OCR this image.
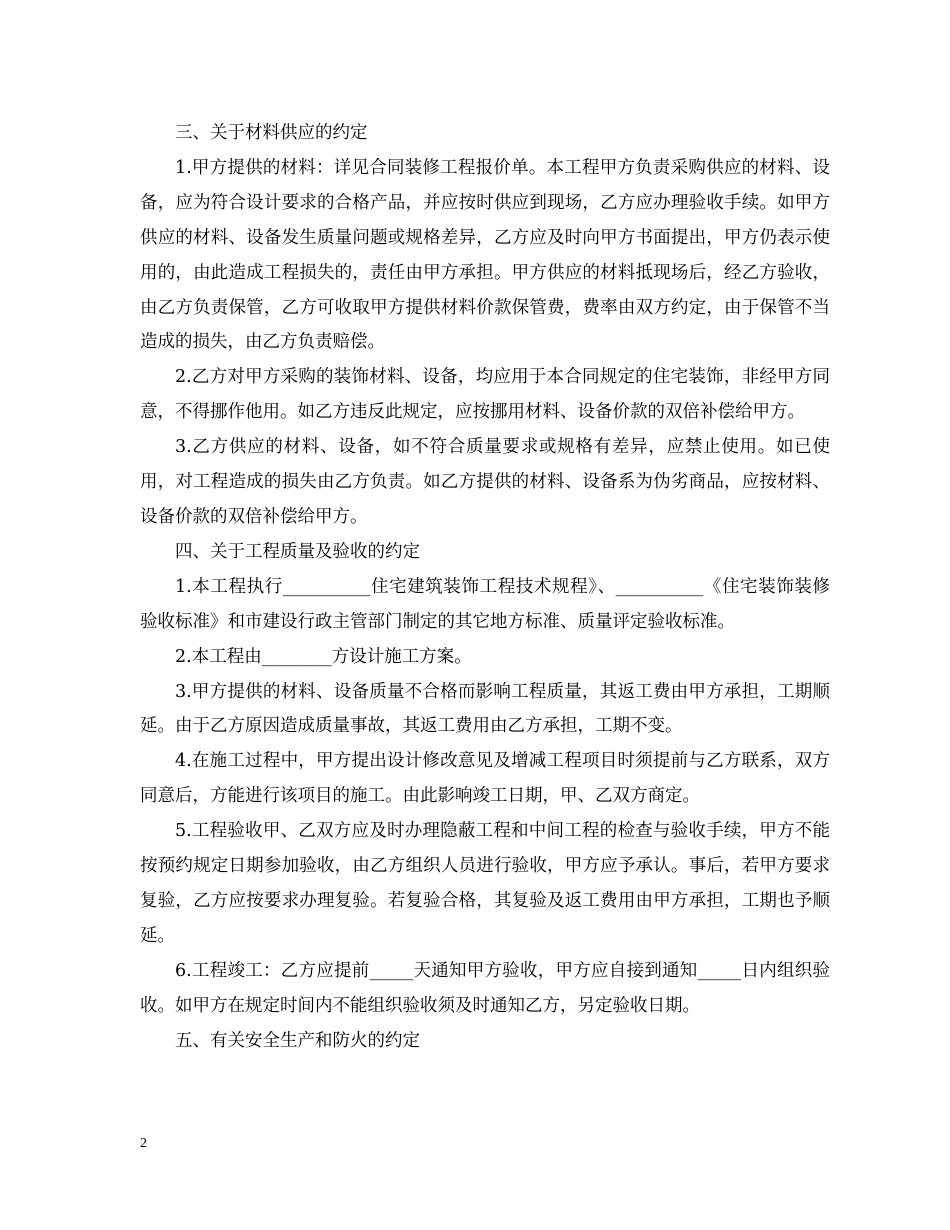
三、关于材料供应的约定

1.甲方提供的材料：详见合同装修工程报价单。本工程甲方负责采购供应的材料、设备，应为符合设计要求的合格产品，并应按时供应到现场，乙方应办理验收手续。如甲方供应的材料、设备发生质量问题或规格差异，乙方应及时向甲方书面提出，甲方仍表示使用的，由此造成工程损失的，责任由甲方承担。甲方供应的材料抵现场后，经乙方验收，由乙方负责保管，乙方可收取甲方提供材料价款保管费，费率由双方约定，由于保管不当造成的损失，由乙方负责赔偿。

2.乙方对甲方采购的装饰材料、设备，均应用于本合同规定的住宅装饰，非经甲方同意，不得挪作他用。如乙方违反此规定，应按挪用材料、设备价款的双倍补偿给甲方。

3.乙方供应的材料、设备，如不符合质量要求或规格有差异，应禁止使用。如已使用，对工程造成的损失由乙方负责。如乙方提供的材料、设备系为伪劣商品，应按材料、设备价款的双倍补偿给甲方。

四、关于工程质量及验收的约定

1.本工程执行__________住宅建筑装饰工程技术规程》、__________《住宅装饰装修验收标准》和市建设行政主管部门制定的其它地方标准、质量评定验收标准。

2.本工程由________方设计施工方案。

3.甲方提供的材料、设备质量不合格而影响工程质量，其返工费由甲方承担，工期顺延。由于乙方原因造成质量事故，其返工费用由乙方承担，工期不变。

4.在施工过程中，甲方提出设计修改意见及增减工程项目时须提前与乙方联系，双方同意后，方能进行该项目的施工。由此影响竣工日期，甲、乙双方商定。

5.工程验收甲、乙双方应及时办理隐蔽工程和中间工程的检查与验收手续，甲方不能按预约规定日期参加验收，由乙方组织人员进行验收，甲方应予承认。事后，若甲方要求复验，乙方应按要求办理复验。若复验合格，其复验及返工费用由甲方承担，工期也予顺延。

6.工程竣工：乙方应提前_____天通知甲方验收，甲方应自接到通知_____日内组织验收。如甲方在规定时间内不能组织验收须及时通知乙方，另定验收日期。

五、有关安全生产和防火的约定

2
